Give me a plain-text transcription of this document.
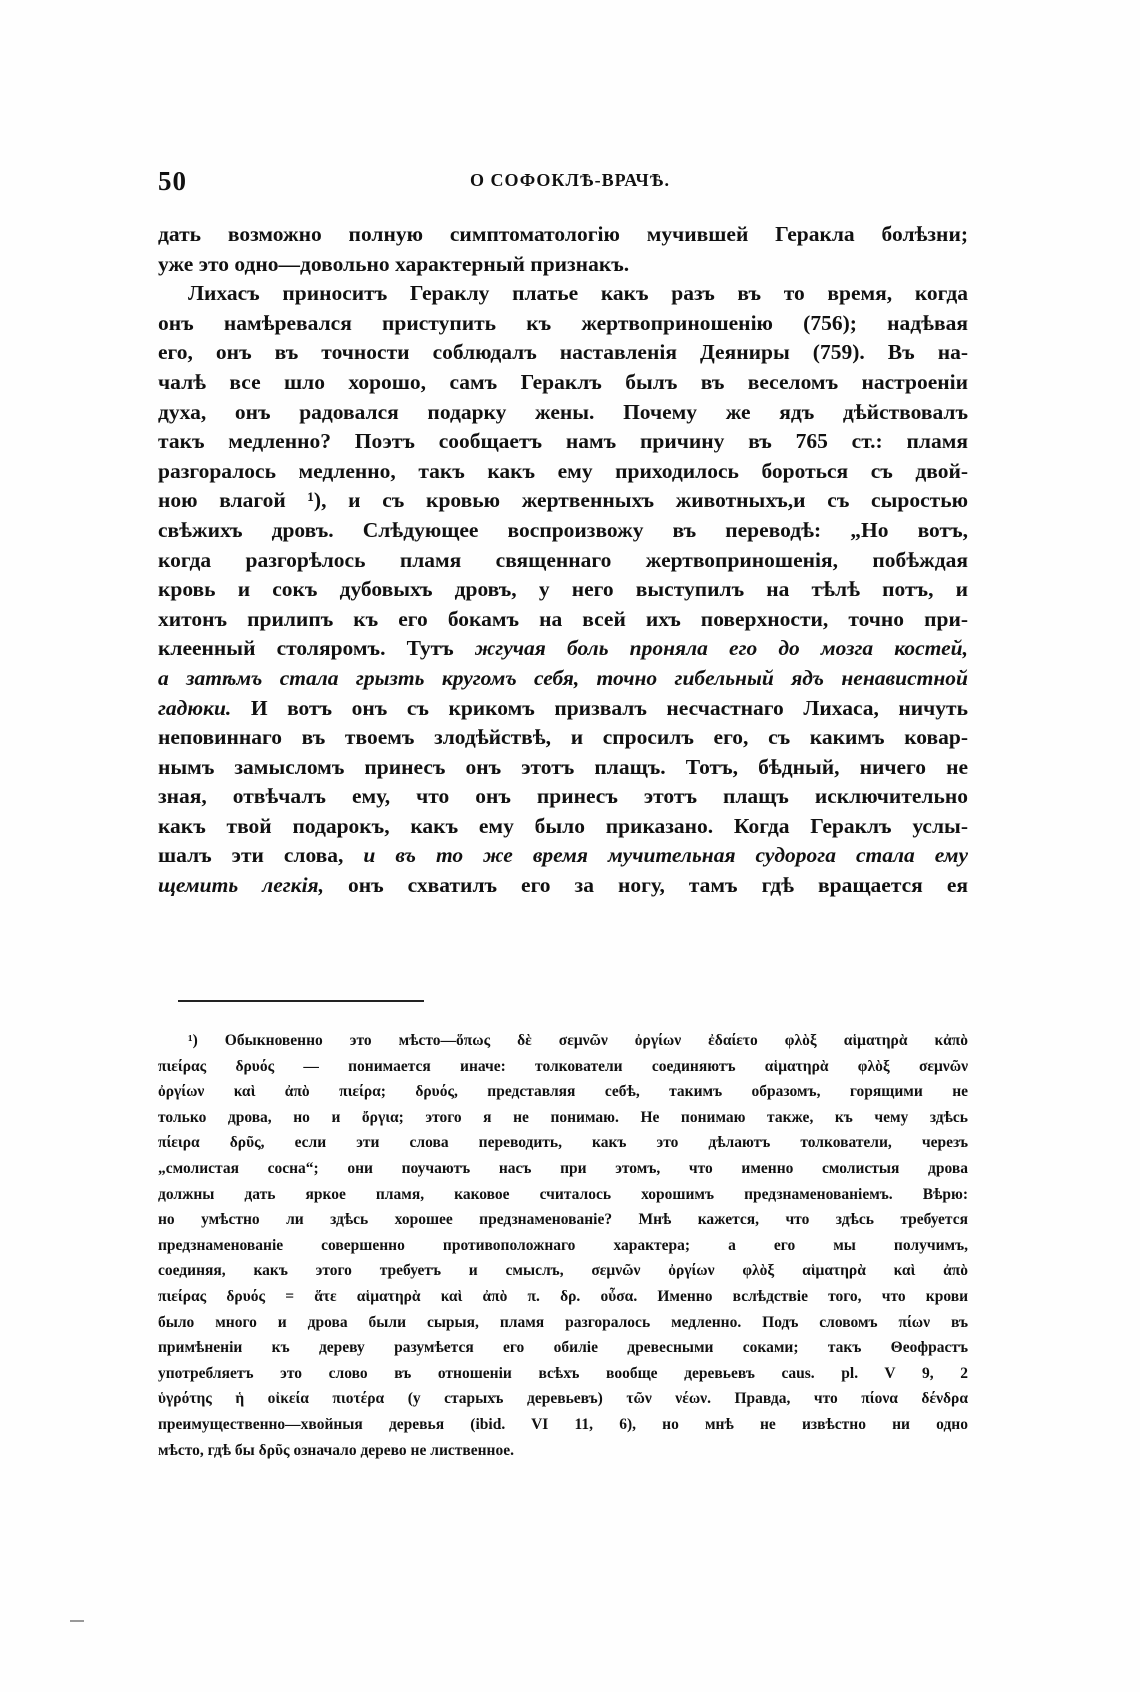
50	О СОФОКЛѢ-ВРАЧѢ.
дать возможно полную симптоматологію мучившей Геракла болѣзни;
уже это одно—довольно характерный признакъ.
Лихасъ приноситъ Гераклу платье какъ разъ въ то время, когда
онъ намѣревался приступить къ жертвоприношенію (756); надѣвая
его, онъ въ точности соблюдалъ наставленія Деяниры (759). Въ на-
чалѣ все шло хорошо, самъ Гераклъ былъ въ веселомъ настроеніи
духа, онъ радовался подарку жены. Почему же ядъ дѣйствовалъ
такъ медленно? Поэтъ сообщаетъ намъ причину въ 765 ст.: пламя
разгоралось медленно, такъ какъ ему приходилось бороться съ двой-
ною влагой ¹), и съ кровью жертвенныхъ животныхъ,и съ сыростью
свѣжихъ дровъ. Слѣдующее воспроизвожу въ переводѣ: „Но вотъ,
когда разгорѣлось пламя священнаго жертвоприношенія, побѣждая
кровь и сокъ дубовыхъ дровъ, у него выступилъ на тѣлѣ потъ, и
хитонъ прилипъ къ его бокамъ на всей ихъ поверхности, точно при-
клеенный столяромъ. Тутъ жгучая боль проняла его до мозга костей,
а затѣмъ стала грызть кругомъ себя, точно гибельный ядъ ненавистной
гадюки. И вотъ онъ съ крикомъ призвалъ несчастнаго Лихаса, ничуть
неповиннаго въ твоемъ злодѣйствѣ, и спросилъ его, съ какимъ ковар-
нымъ замысломъ принесъ онъ этотъ плащъ. Тотъ, бѣдный, ничего не
зная, отвѣчалъ ему, что онъ принесъ этотъ плащъ исключительно
какъ твой подарокъ, какъ ему было приказано. Когда Гераклъ услы-
шалъ эти слова, и въ то же время мучительная судорога стала ему
щемить легкія, онъ схватилъ его за ногу, тамъ гдѣ вращается ея
¹) Обыкновенно это мѣсто—ὅπως δὲ σεμνῶν ὀργίων ἐδαίετο φλὸξ αἱματηρὰ κἀπὸ
πιείρας δρυός — понимается иначе: толкователи соединяютъ αἱματηρὰ φλὸξ σεμνῶν
ὀργίων καὶ ἀπὸ πιείρα; δρυός, представляя себѣ, такимъ образомъ, горящими не
только дрова, но и ὄργια; этого я не понимаю. Не понимаю также, къ чему здѣсь
πίειρα δρῦς, если эти слова переводить, какъ это дѣлаютъ толкователи, черезъ
„смолистая сосна“; они поучаютъ насъ при этомъ, что именно смолистыя дрова
должны дать яркое пламя, каковое считалось хорошимъ предзнаменованіемъ. Вѣрю:
но умѣстно ли здѣсь хорошее предзнаменованіе? Мнѣ кажется, что здѣсь требуется
предзнаменованіе совершенно противоположнаго характера; а его мы получимъ,
соединяя, какъ этого требуетъ и смыслъ, σεμνῶν ὀργίων φλὸξ αἱματηρὰ καὶ ἀπὸ
πιείρας δρυός = ἅτε αἱματηρὰ καὶ ἀπὸ π. δρ. οὖσα. Именно вслѣдствіе того, что крови
было много и дрова были сырыя, пламя разгоралось медленно. Подъ словомъ πίων въ
примѣненіи къ дереву разумѣется его обиліе древесными соками; такъ Θеофрастъ
употребляетъ это слово въ отношеніи всѣхъ вообще деревьевъ caus. pl. V 9, 2
ὑγρότης ἡ οἰκεία πιοτέρα (у старыхъ деревьевъ) τῶν νέων. Правда, что πίονα δένδρα
преимущественно—хвойныя деревья (ibid. VI 11, 6), но мнѣ не извѣстно ни одно
мѣсто, гдѣ бы δρῦς означало дерево не лиственное.
